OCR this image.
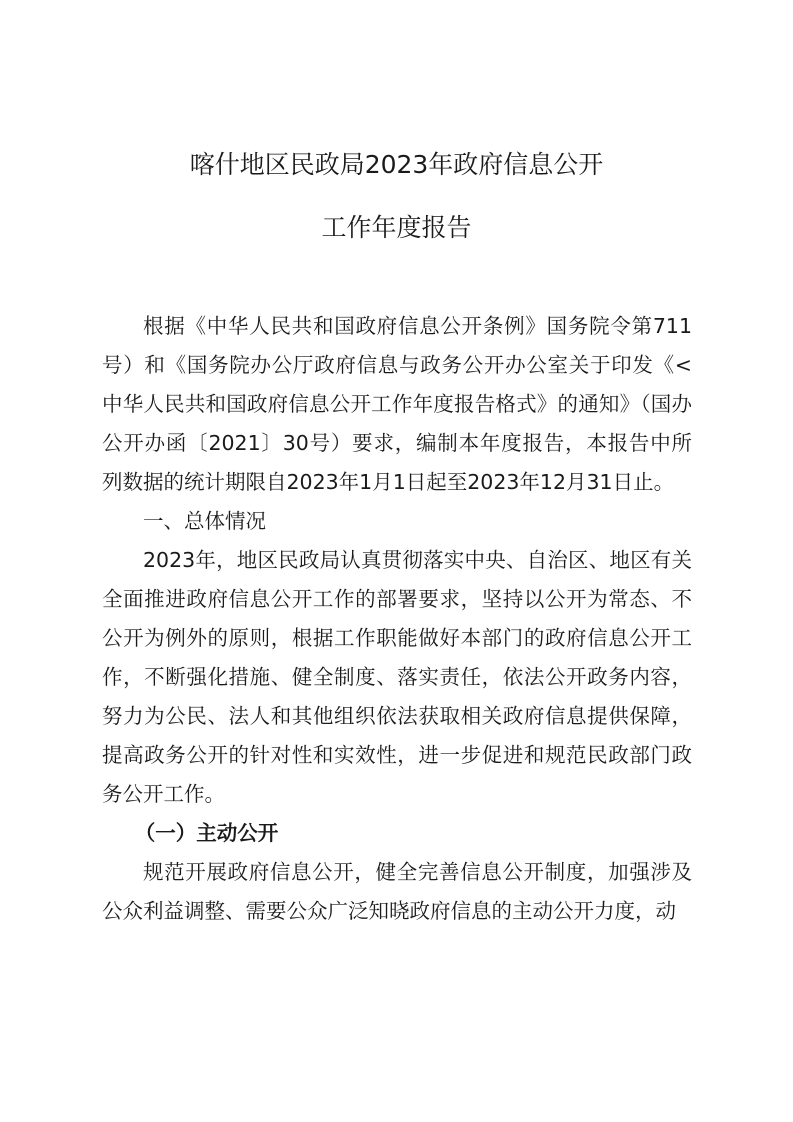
喀什地区民政局2023年政府信息公开
工作年度报告

根据《中华人民共和国政府信息公开条例》国务院令第711号）和《国务院办公厅政府信息与政务公开办公室关于印发《<中华人民共和国政府信息公开工作年度报告格式》的通知》（国办公开办函〔2021〕30号）要求，编制本年度报告，本报告中所列数据的统计期限自2023年1月1日起至2023年12月31日止。

一、总体情况

2023年，地区民政局认真贯彻落实中央、自治区、地区有关全面推进政府信息公开工作的部署要求，坚持以公开为常态、不公开为例外的原则，根据工作职能做好本部门的政府信息公开工作，不断强化措施、健全制度、落实责任，依法公开政务内容，努力为公民、法人和其他组织依法获取相关政府信息提供保障，提高政务公开的针对性和实效性，进一步促进和规范民政部门政务公开工作。

（一）主动公开

规范开展政府信息公开，健全完善信息公开制度，加强涉及公众利益调整、需要公众广泛知晓政府信息的主动公开力度，动
